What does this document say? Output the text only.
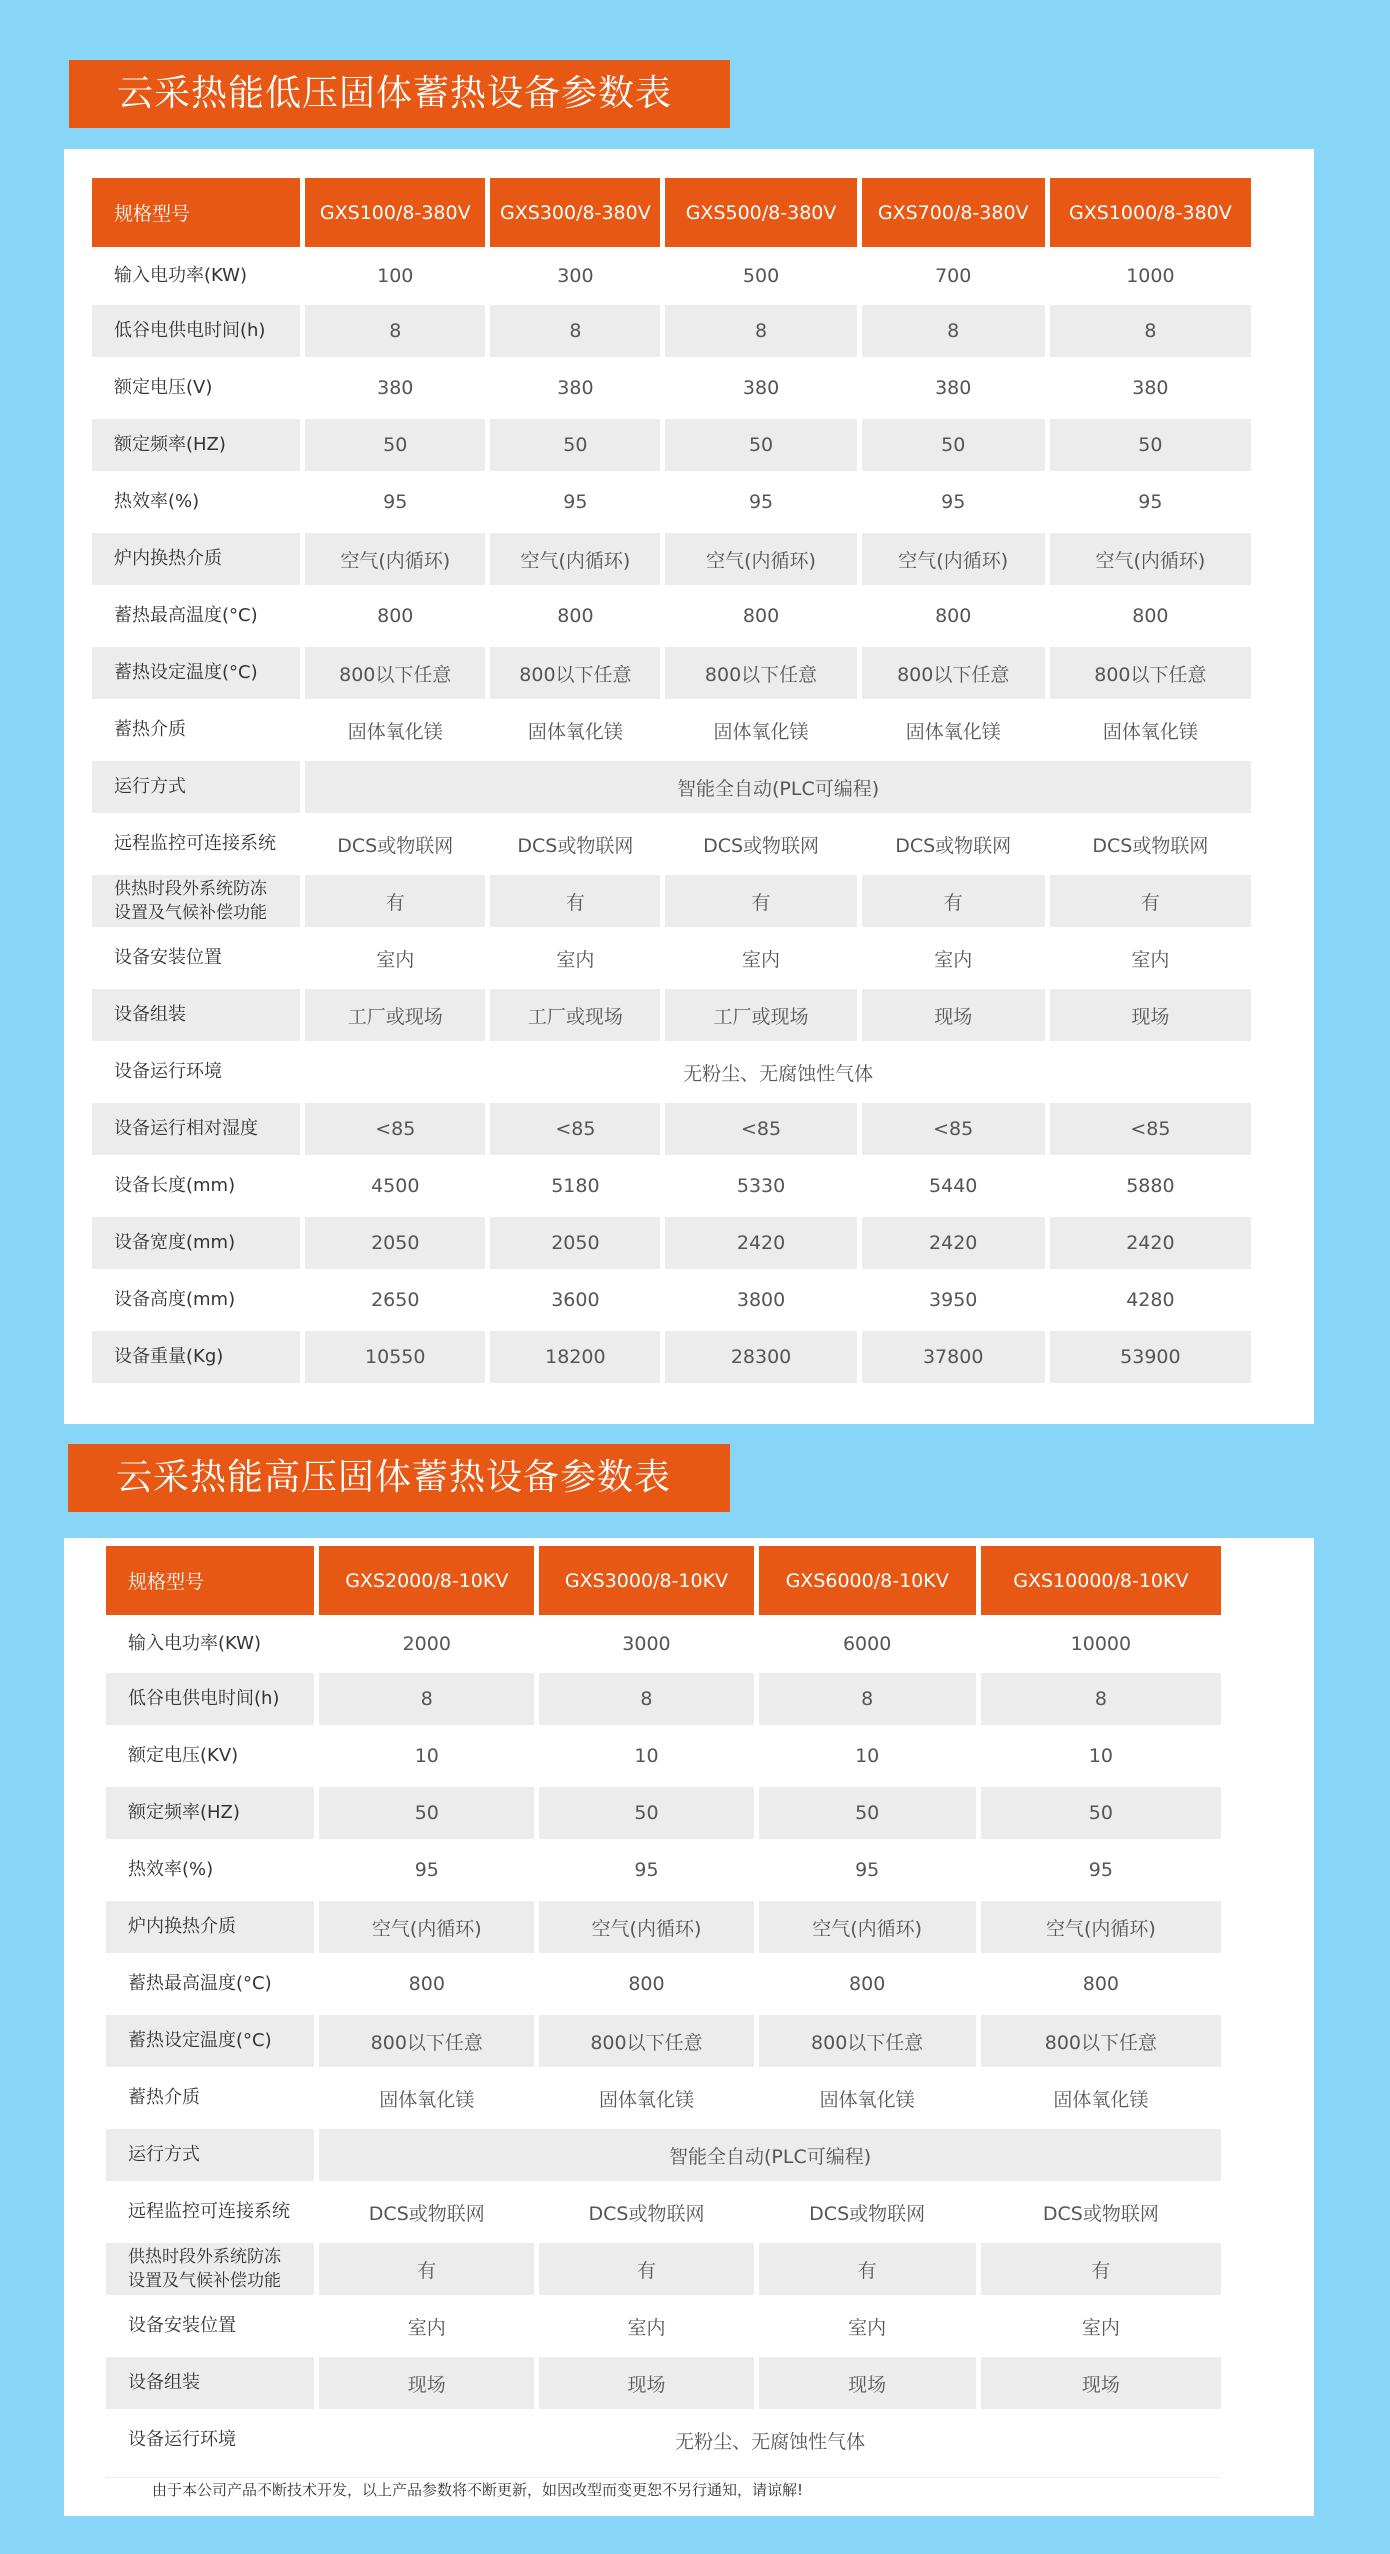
云采热能低压固体蓄热设备参数表
规格型号	GXS100/8-380V	GXS300/8-380V	GXS500/8-380V	GXS700/8-380V	GXS1000/8-380V
输入电功率(KW)	100	300	500	700	1000
低谷电供电时间(h)	8	8	8	8	8
额定电压(V)	380	380	380	380	380
额定频率(HZ)	50	50	50	50	50
热效率(%)	95	95	95	95	95
炉内换热介质	空气(内循环)	空气(内循环)	空气(内循环)	空气(内循环)	空气(内循环)
蓄热最高温度(°C)	800	800	800	800	800
蓄热设定温度(°C)	800以下任意	800以下任意	800以下任意	800以下任意	800以下任意
蓄热介质	固体氧化镁	固体氧化镁	固体氧化镁	固体氧化镁	固体氧化镁
运行方式	智能全自动(PLC可编程)				
远程监控可连接系统	DCS或物联网	DCS或物联网	DCS或物联网	DCS或物联网	DCS或物联网
供热时段外系统防冻设置及气候补偿功能	有	有	有	有	有
设备安装位置	室内	室内	室内	室内	室内
设备组装	工厂或现场	工厂或现场	工厂或现场	现场	现场
设备运行环境	无粉尘、无腐蚀性气体				
设备运行相对湿度	<85	<85	<85	<85	<85
设备长度(mm)	4500	5180	5330	5440	5880
设备宽度(mm)	2050	2050	2420	2420	2420
设备高度(mm)	2650	3600	3800	3950	4280
设备重量(Kg)	10550	18200	28300	37800	53900
云采热能高压固体蓄热设备参数表
规格型号	GXS2000/8-10KV	GXS3000/8-10KV	GXS6000/8-10KV	GXS10000/8-10KV
输入电功率(KW)	2000	3000	6000	10000
低谷电供电时间(h)	8	8	8	8
额定电压(KV)	10	10	10	10
额定频率(HZ)	50	50	50	50
热效率(%)	95	95	95	95
炉内换热介质	空气(内循环)	空气(内循环)	空气(内循环)	空气(内循环)
蓄热最高温度(°C)	800	800	800	800
蓄热设定温度(°C)	800以下任意	800以下任意	800以下任意	800以下任意
蓄热介质	固体氧化镁	固体氧化镁	固体氧化镁	固体氧化镁
运行方式	智能全自动(PLC可编程)			
远程监控可连接系统	DCS或物联网	DCS或物联网	DCS或物联网	DCS或物联网
供热时段外系统防冻设置及气候补偿功能	有	有	有	有
设备安装位置	室内	室内	室内	室内
设备组装	现场	现场	现场	现场
设备运行环境	无粉尘、无腐蚀性气体			
由于本公司产品不断技术开发，以上产品参数将不断更新，如因改型而变更恕不另行通知，请谅解!
